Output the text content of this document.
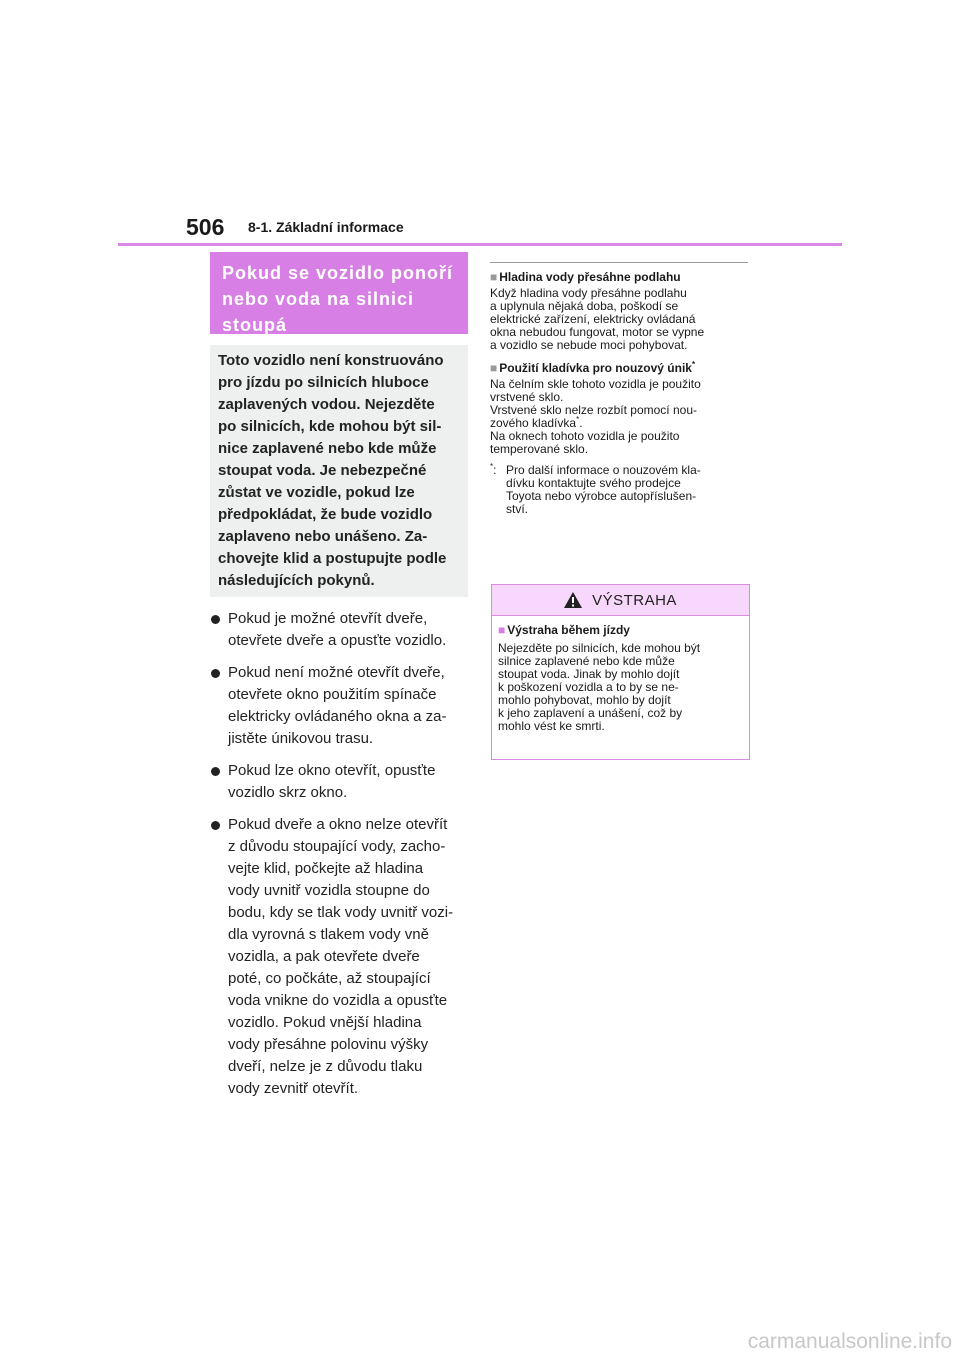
506 8-1. Základní informace
Pokud se vozidlo ponoří
nebo voda na silnici
stoupá

Toto vozidlo není konstruováno

pro jízdu po silnicích hluboce

zaplavených vodou. Nejezděte

po silnicích, kde mohou být sil-

nice zaplavené nebo kde může

stoupat voda. Je nebezpečné

zůstat ve vozidle, pokud lze

předpokládat, že bude vozidlo

zaplaveno nebo unášeno. Za-

chovejte klid a postupujte podle

následujících pokynů.

Pokud je možné otevřít dveře,
otevřete dveře a opusťte vozidlo.
Pokud není možné otevřít dveře,
otevřete okno použitím spínače
elektricky ovládaného okna a za-
jistěte únikovou trasu.
Pokud lze okno otevřít, opusťte
vozidlo skrz okno.
Pokud dveře a okno nelze otevřít
z důvodu stoupající vody, zacho-
vejte klid, počkejte až hladina
vody uvnitř vozidla stoupne do
bodu, kdy se tlak vody uvnitř vozi-
dla vyrovná s tlakem vody vně
vozidla, a pak otevřete dveře
poté, co počkáte, až stoupající
voda vnikne do vozidla a opusťte
vozidlo. Pokud vnější hladina
vody přesáhne polovinu výšky
dveří, nelze je z důvodu tlaku
vody zevnitř otevřít.

■ Hladina vody přesáhne podlahu

Když hladina vody přesáhne podlahu
a uplynula nějaká doba, poškodí se
elektrické zařízení, elektricky ovládaná
okna nebudou fungovat, motor se vypne
a vozidlo se nebude moci pohybovat.

■ Použití kladívka pro nouzový únik*

Na čelním skle tohoto vozidla je použito
vrstvené sklo.
Vrstvené sklo nelze rozbít pomocí nou-
zového kladívka*.
Na oknech tohoto vozidla je použito
temperované sklo.
*: Pro další informace o nouzovém kla-
dívku kontaktujte svého prodejce
Toyota nebo výrobce autopříslušen-
ství.
VÝSTRAHA

■ Výstraha během jízdy

Nejezděte po silnicích, kde mohou být
silnice zaplavené nebo kde může
stoupat voda. Jinak by mohlo dojít
k poškození vozidla a to by se ne-
mohlo pohybovat, mohlo by dojít
k jeho zaplavení a unášení, což by
mohlo vést ke smrti.
carmanualsonline.info
